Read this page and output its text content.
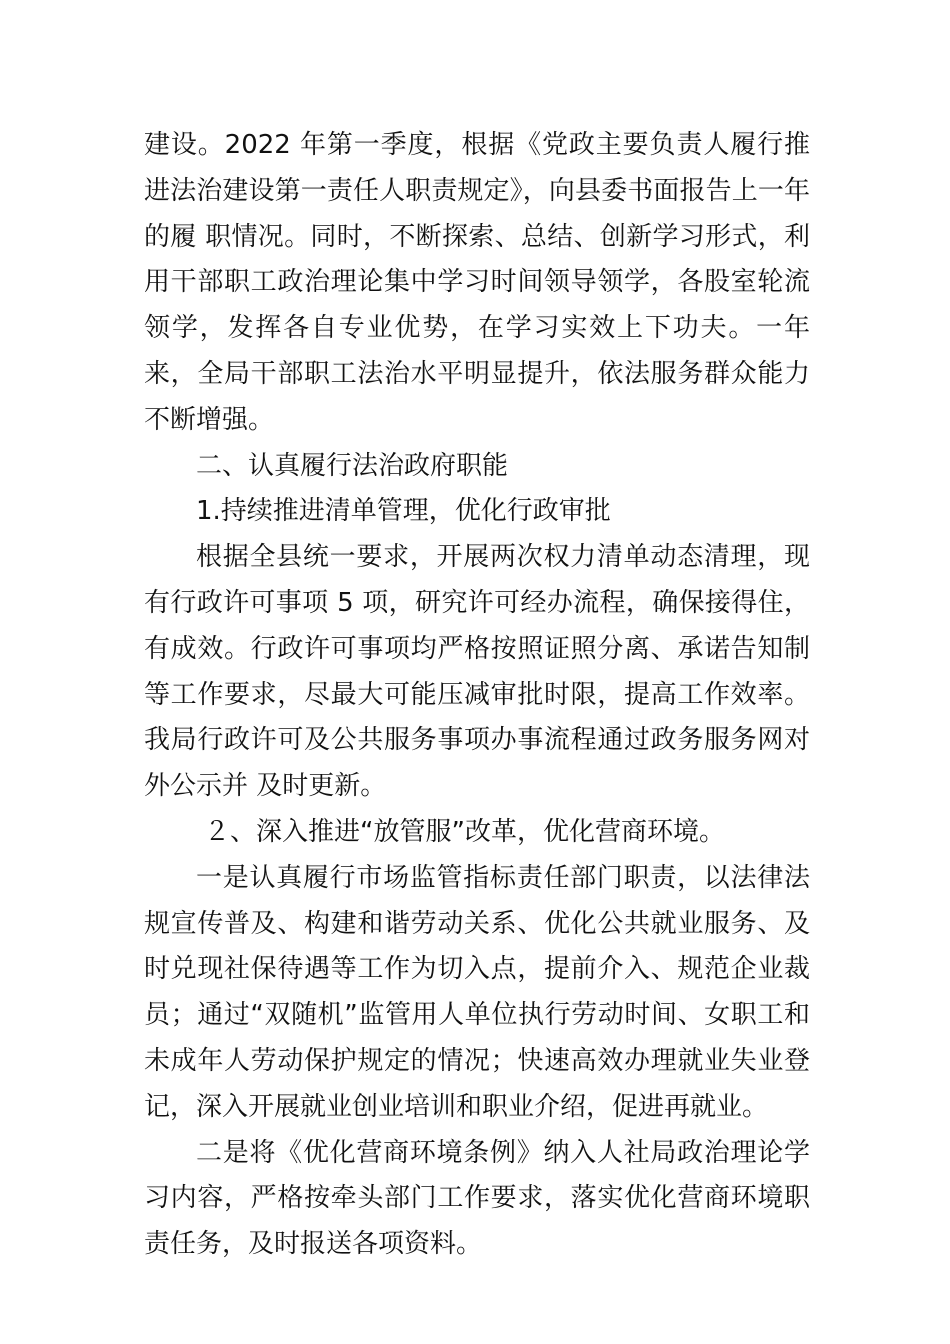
建设。2022 年第一季度，根据《党政主要负责人履行推进法治建设第一责任人职责规定》，向县委书面报告上一年的履 职情况。同时，不断探索、总结、创新学习形式，利用干部职工政治理论集中学习时间领导领学，各股室轮流领学，发挥各自专业优势，在学习实效上下功夫。一年来，全局干部职工法治水平明显提升，依法服务群众能力不断增强。

二、认真履行法治政府职能

1.持续推进清单管理，优化行政审批

根据全县统一要求，开展两次权力清单动态清理，现有行政许可事项 5 项，研究许可经办流程，确保接得住，有成效。行政许可事项均严格按照证照分离、承诺告知制等工作要求，尽最大可能压减审批时限，提高工作效率。我局行政许可及公共服务事项办事流程通过政务服务网对外公示并 及时更新。

２、深入推进“放管服”改革，优化营商环境。

一是认真履行市场监管指标责任部门职责，以法律法规宣传普及、构建和谐劳动关系、优化公共就业服务、及时兑现社保待遇等工作为切入点，提前介入、规范企业裁员；通过“双随机”监管用人单位执行劳动时间、女职工和未成年人劳动保护规定的情况；快速高效办理就业失业登记，深入开展就业创业培训和职业介绍，促进再就业。

二是将《优化营商环境条例》纳入人社局政治理论学习内容，严格按牵头部门工作要求，落实优化营商环境职责任务，及时报送各项资料。
